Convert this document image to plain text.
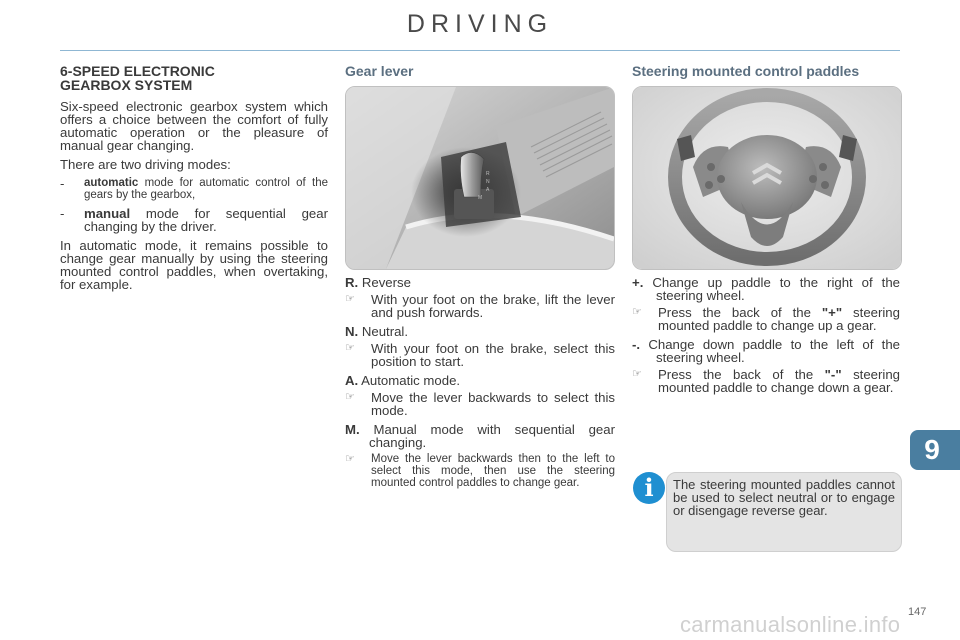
DRIVING
6-SPEED ELECTRONIC
GEARBOX SYSTEM

Six-speed electronic gearbox system which offers a choice between the comfort of fully automatic operation or the pleasure of manual gear changing.

There are two driving modes:

-	automatic mode for automatic control of the gears by the gearbox,
-	manual mode for sequential gear changing by the driver.

In automatic mode, it remains possible to change gear manually by using the steering mounted control paddles, when overtaking, for example.

Gear lever
R
N
A
M
R. Reverse
☞	With your foot on the brake, lift the lever and push forwards.
N. Neutral.
☞	With your foot on the brake, select this position to start.
A. Automatic mode.
☞	Move the lever backwards to select this mode.
M. Manual mode with sequential gear changing.
☞	Move the lever backwards then to the left to select this mode, then use the steering mounted control paddles to change gear.
Steering mounted control paddles
+. Change up paddle to the right of the steering wheel.
☞	Press the back of the "+" steering mounted paddle to change up a gear.
-. Change down paddle to the left of the steering wheel.
☞	Press the back of the "-" steering mounted paddle to change down a gear.
i	The steering mounted paddles cannot be used to select neutral or to engage or disengage reverse gear.
9
carmanualsonline.info 147
